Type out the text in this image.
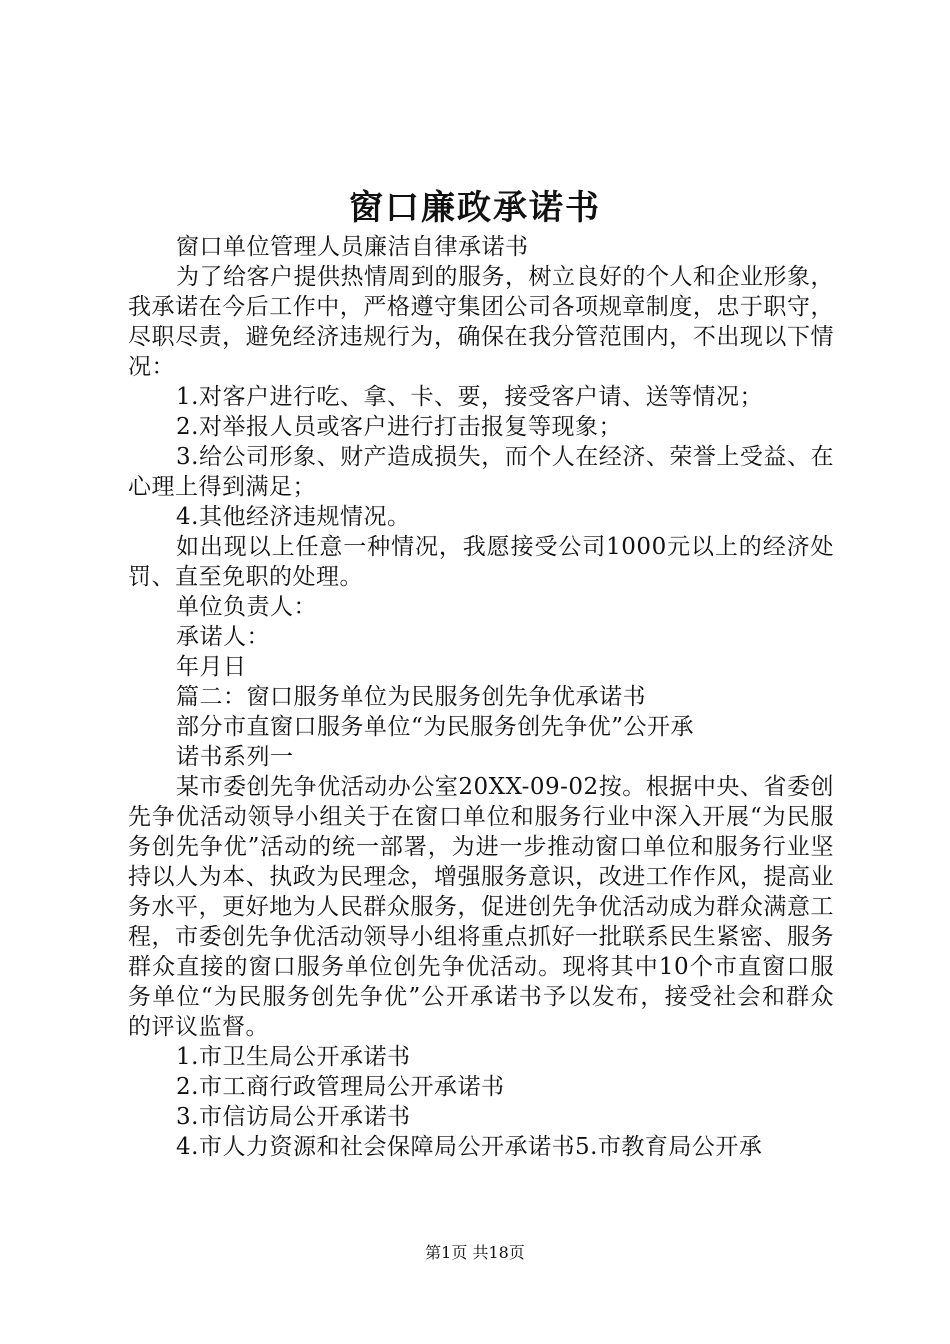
窗口廉政承诺书

窗口单位管理人员廉洁自律承诺书

为了给客户提供热情周到的服务，树立良好的个人和企业形象，我承诺在今后工作中，严格遵守集团公司各项规章制度，忠于职守，尽职尽责，避免经济违规行为，确保在我分管范围内，不出现以下情况：

1.对客户进行吃、拿、卡、要，接受客户请、送等情况；

2.对举报人员或客户进行打击报复等现象；

3.给公司形象、财产造成损失，而个人在经济、荣誉上受益、在心理上得到满足；

4.其他经济违规情况。

如出现以上任意一种情况，我愿接受公司1000元以上的经济处罚、直至免职的处理。

单位负责人：

承诺人：

年月日

篇二：窗口服务单位为民服务创先争优承诺书

部分市直窗口服务单位“为民服务创先争优”公开承

诺书系列一

某市委创先争优活动办公室20XX-09-02按。根据中央、省委创先争优活动领导小组关于在窗口单位和服务行业中深入开展“为民服务创先争优”活动的统一部署，为进一步推动窗口单位和服务行业坚持以人为本、执政为民理念，增强服务意识，改进工作作风，提高业务水平，更好地为人民群众服务，促进创先争优活动成为群众满意工程，市委创先争优活动领导小组将重点抓好一批联系民生紧密、服务群众直接的窗口服务单位创先争优活动。现将其中10个市直窗口服务单位“为民服务创先争优”公开承诺书予以发布，接受社会和群众的评议监督。

1.市卫生局公开承诺书

2.市工商行政管理局公开承诺书

3.市信访局公开承诺书

4.市人力资源和社会保障局公开承诺书5.市教育局公开承

第1页 共18页
